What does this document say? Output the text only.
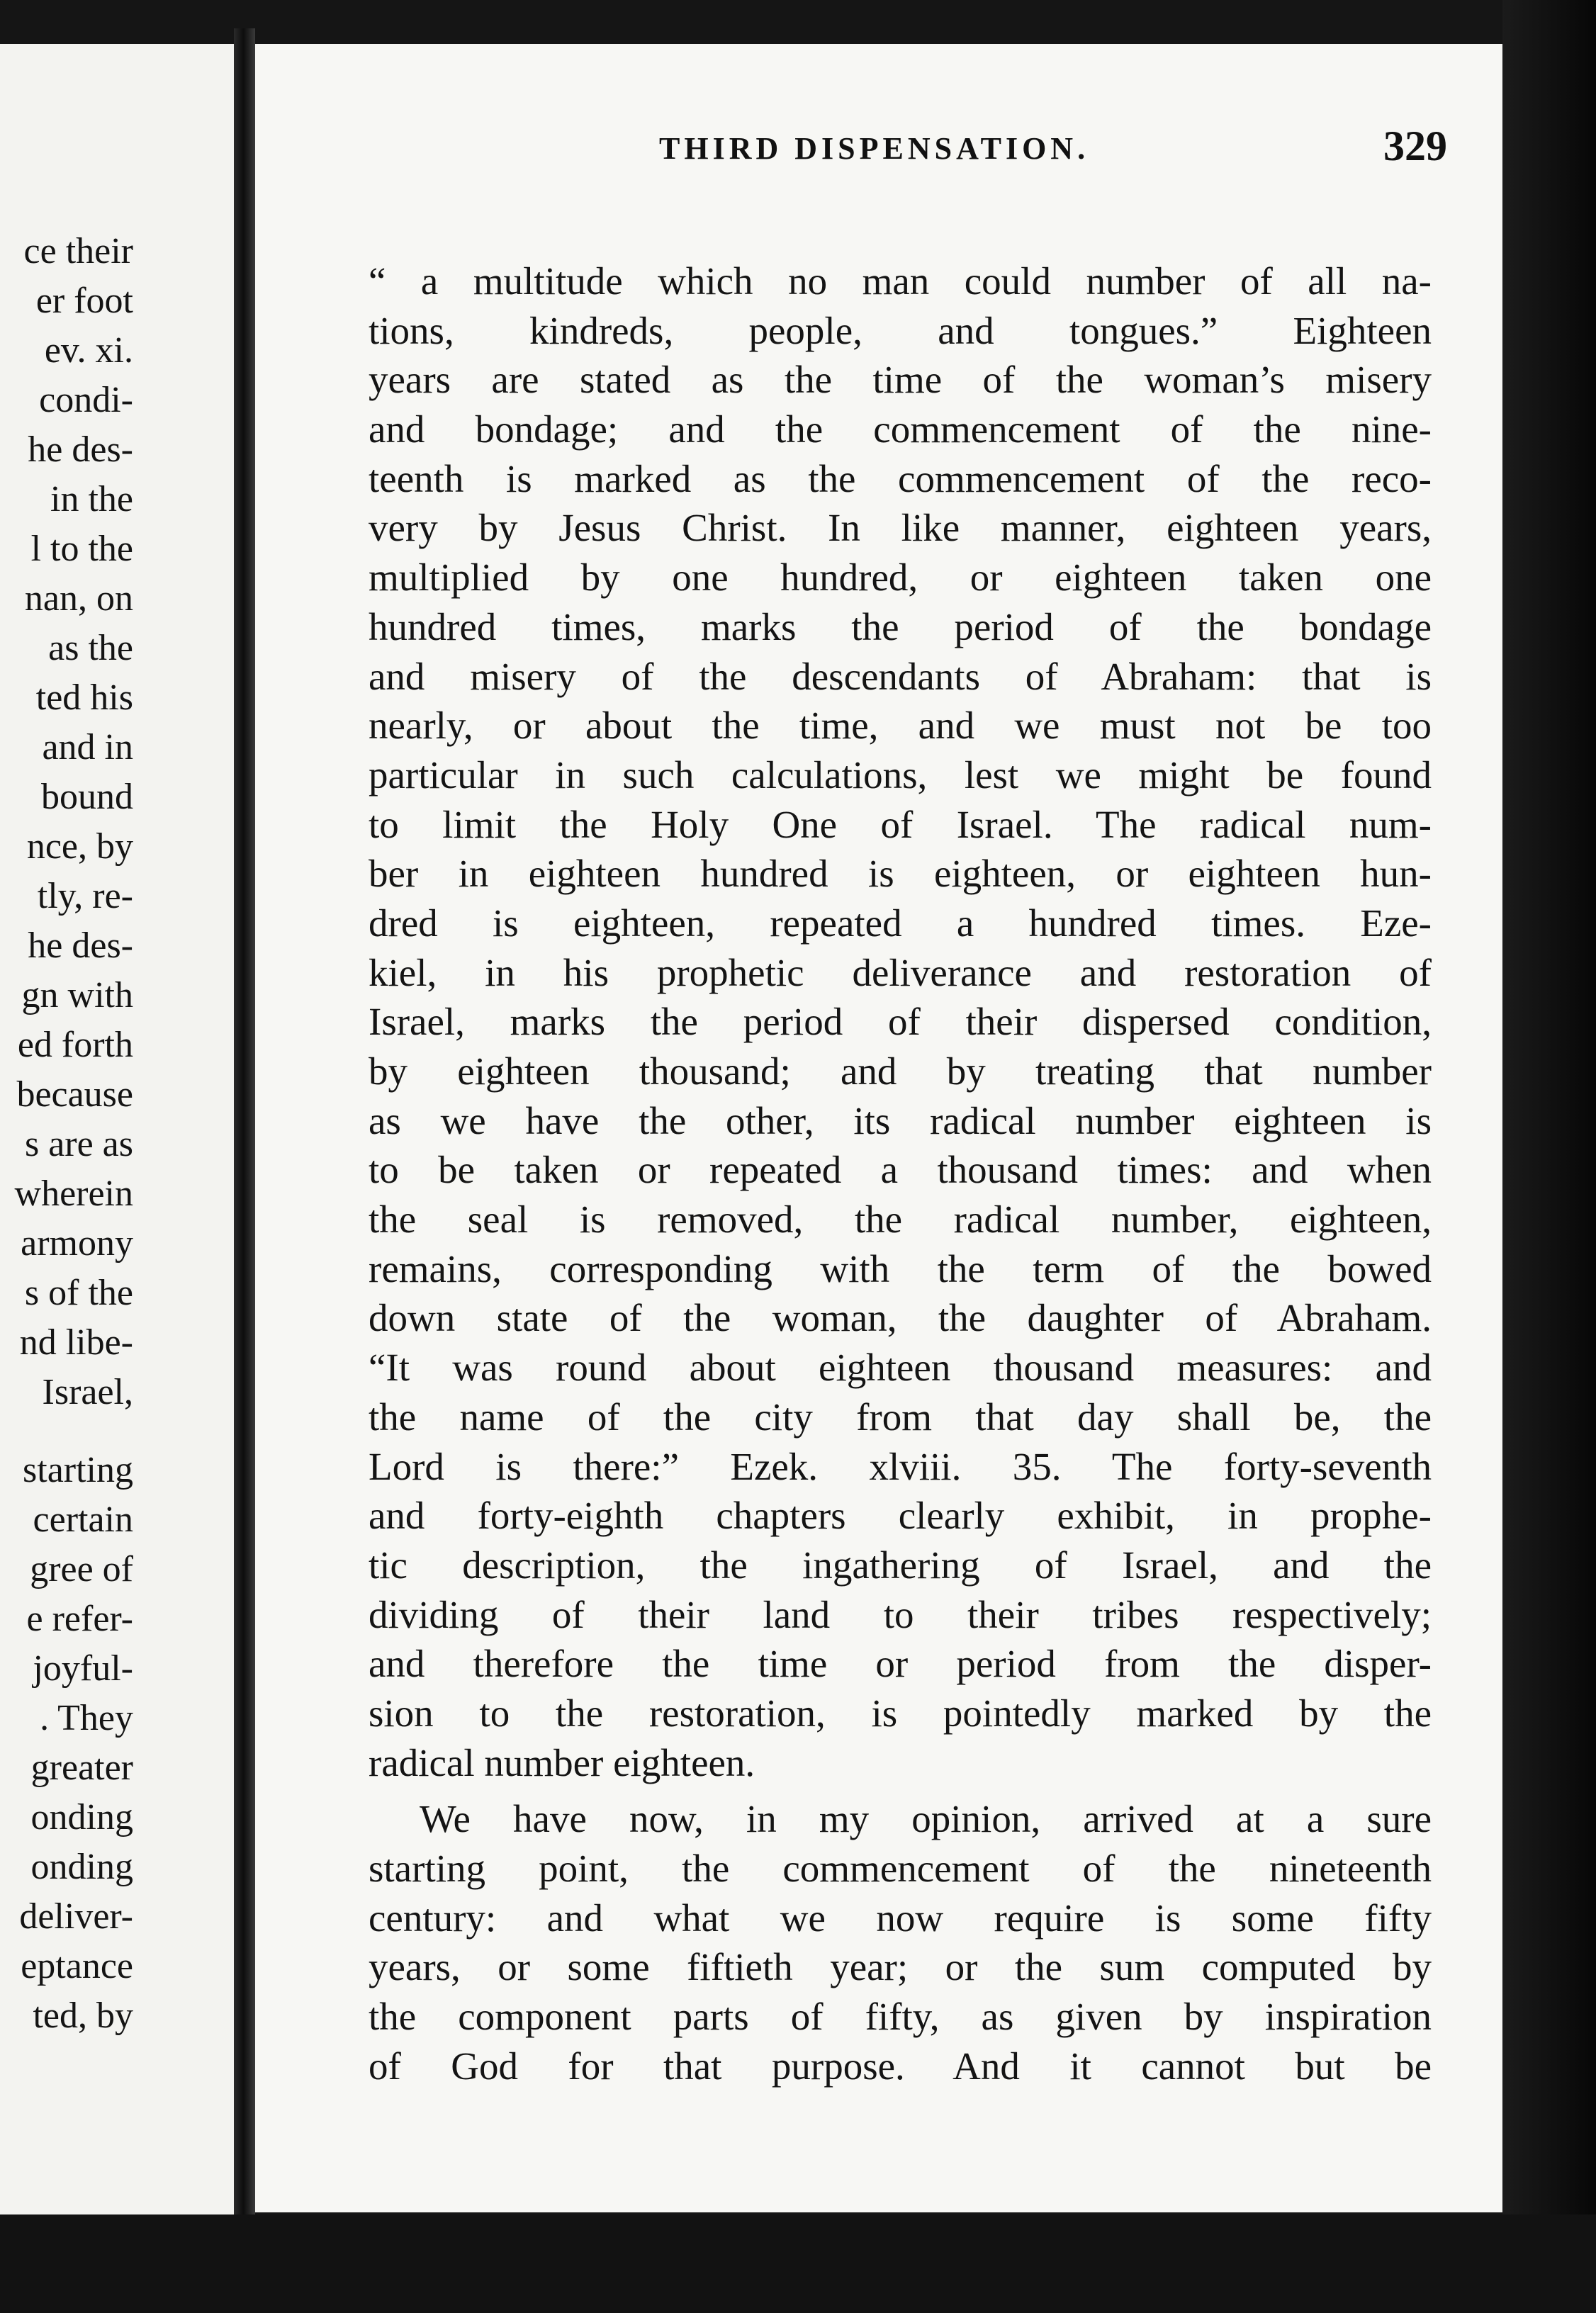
ce their
er foot
ev. xi.
condi-
he des-
in the
l to the
nan, on
as the
ted his
and in
bound
nce, by
tly, re-
he des-
gn with
ed forth
because
s are as
wherein
armony
s of the
nd libe-
Israel,
starting
certain
gree of
e refer-
joyful-
. They
greater
onding
onding
deliver-
eptance
ted, by
THIRD DISPENSATION.	329
“ a multitude which no man could number of all na-
tions, kindreds, people, and tongues.” Eighteen
years are stated as the time of the woman’s misery
and bondage; and the commencement of the nine-
teenth is marked as the commencement of the reco-
very by Jesus Christ. In like manner, eighteen years,
multiplied by one hundred, or eighteen taken one
hundred times, marks the period of the bondage
and misery of the descendants of Abraham: that is
nearly, or about the time, and we must not be too
particular in such calculations, lest we might be found
to limit the Holy One of Israel. The radical num-
ber in eighteen hundred is eighteen, or eighteen hun-
dred is eighteen, repeated a hundred times. Eze-
kiel, in his prophetic deliverance and restoration of
Israel, marks the period of their dispersed condition,
by eighteen thousand; and by treating that number
as we have the other, its radical number eighteen is
to be taken or repeated a thousand times: and when
the seal is removed, the radical number, eighteen,
remains, corresponding with the term of the bowed
down state of the woman, the daughter of Abraham.
“It was round about eighteen thousand measures: and
the name of the city from that day shall be, the
Lord is there:” Ezek. xlviii. 35. The forty-seventh
and forty-eighth chapters clearly exhibit, in prophe-
tic description, the ingathering of Israel, and the
dividing of their land to their tribes respectively;
and therefore the time or period from the disper-
sion to the restoration, is pointedly marked by the
radical number eighteen.
We have now, in my opinion, arrived at a sure
starting point, the commencement of the nineteenth
century: and what we now require is some fifty
years, or some fiftieth year; or the sum computed by
the component parts of fifty, as given by inspiration
of God for that purpose. And it cannot but be
